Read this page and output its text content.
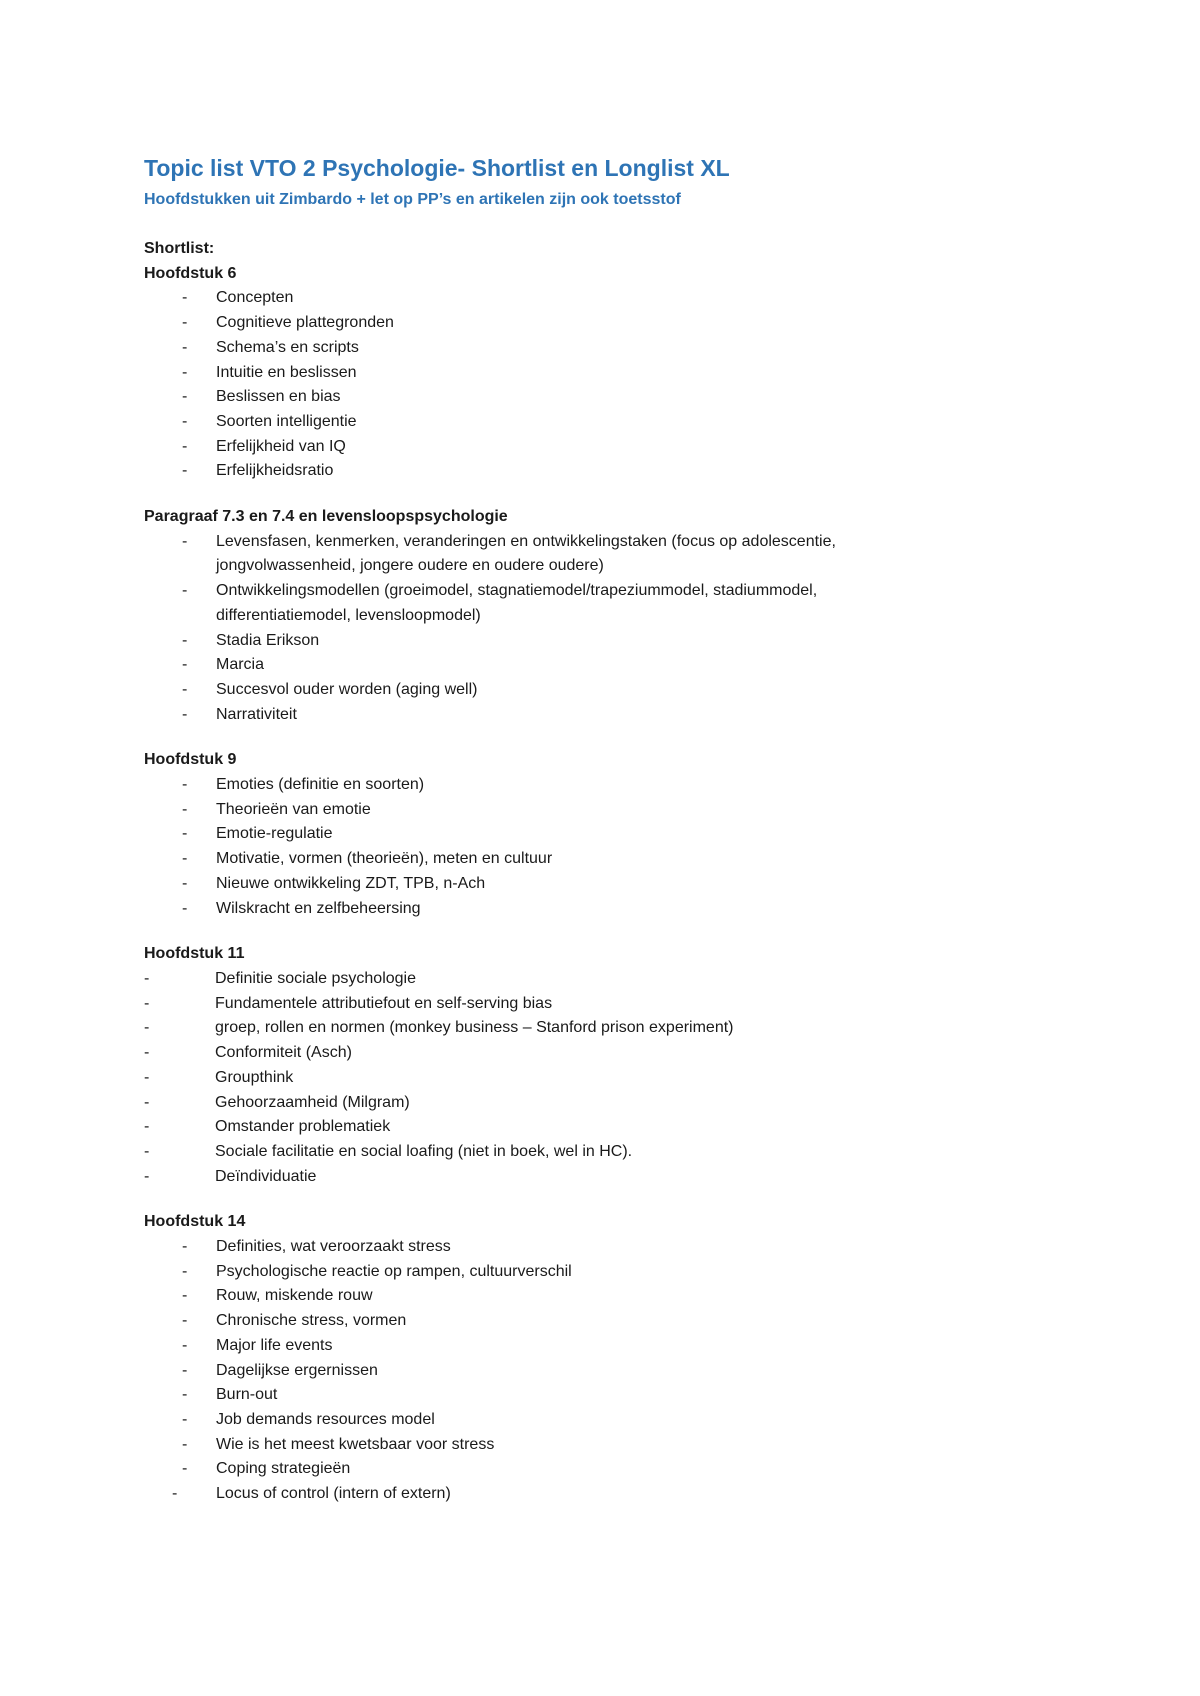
Topic list VTO 2 Psychologie- Shortlist en Longlist XL

Hoofdstukken uit Zimbardo + let op PP’s en artikelen zijn ook toetsstof

Shortlist:

Hoofdstuk 6

- Concepten
- Cognitieve plattegronden
- Schema’s en scripts
- Intuitie en beslissen
- Beslissen en bias
- Soorten intelligentie
- Erfelijkheid van IQ
- Erfelijkheidsratio

Paragraaf 7.3 en 7.4 en levensloopspsychologie

- Levensfasen, kenmerken, veranderingen en ontwikkelingstaken (focus op adolescentie,
jongvolwassenheid, jongere oudere en oudere oudere)
- Ontwikkelingsmodellen (groeimodel, stagnatiemodel/trapeziummodel, stadiummodel,
differentiatiemodel, levensloopmodel)
- Stadia Erikson
- Marcia
- Succesvol ouder worden (aging well)
- Narrativiteit

Hoofdstuk 9

- Emoties (definitie en soorten)
- Theorieën van emotie
- Emotie-regulatie
- Motivatie, vormen (theorieën), meten en cultuur
- Nieuwe ontwikkeling ZDT, TPB, n-Ach
- Wilskracht en zelfbeheersing

Hoofdstuk 11

-	Definitie sociale psychologie
-	Fundamentele attributiefout en self-serving bias
-	groep, rollen en normen (monkey business – Stanford prison experiment)
-	Conformiteit (Asch)
-	Groupthink
-	Gehoorzaamheid (Milgram)
-	Omstander problematiek
-	Sociale facilitatie en social loafing (niet in boek, wel in HC).
-	Deïndividuatie

Hoofdstuk 14

- Definities, wat veroorzaakt stress
- Psychologische reactie op rampen, cultuurverschil
- Rouw, miskende rouw
- Chronische stress, vormen
- Major life events
- Dagelijkse ergernissen
- Burn-out
- Job demands resources model
- Wie is het meest kwetsbaar voor stress
- Coping strategieën
- Locus of control (intern of extern)
